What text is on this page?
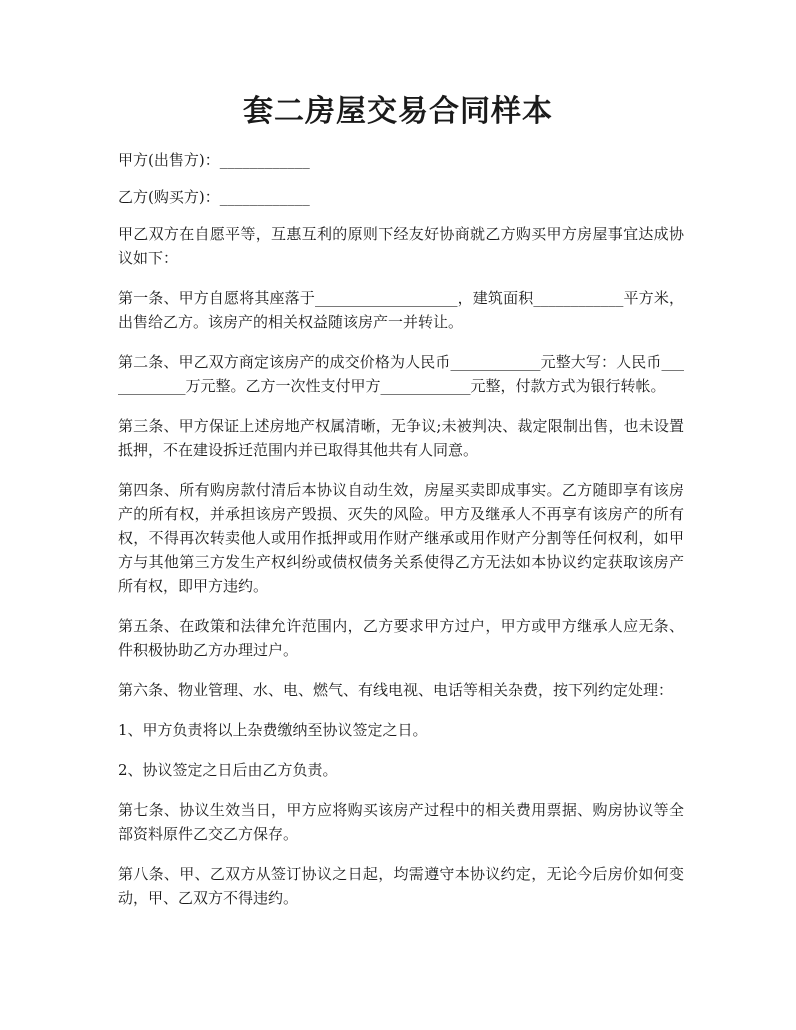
套二房屋交易合同样本

甲方(出售方)：____________

乙方(购买方)：____________

甲乙双方在自愿平等，互惠互利的原则下经友好协商就乙方购买甲方房屋事宜达成协议如下：

第一条、甲方自愿将其座落于___________________，建筑面积____________平方米，出售给乙方。该房产的相关权益随该房产一并转让。

第二条、甲乙双方商定该房产的成交价格为人民币____________元整大写：人民币____________万元整。乙方一次性支付甲方____________元整，付款方式为银行转帐。

第三条、甲方保证上述房地产权属清晰，无争议;未被判决、裁定限制出售，也未设置抵押，不在建设拆迁范围内并已取得其他共有人同意。

第四条、所有购房款付清后本协议自动生效，房屋买卖即成事实。乙方随即享有该房产的所有权，并承担该房产毁损、灭失的风险。甲方及继承人不再享有该房产的所有权，不得再次转卖他人或用作抵押或用作财产继承或用作财产分割等任何权利，如甲方与其他第三方发生产权纠纷或债权债务关系使得乙方无法如本协议约定获取该房产所有权，即甲方违约。

第五条、在政策和法律允许范围内，乙方要求甲方过户，甲方或甲方继承人应无条、件积极协助乙方办理过户。

第六条、物业管理、水、电、燃气、有线电视、电话等相关杂费，按下列约定处理：

1、甲方负责将以上杂费缴纳至协议签定之日。

2、协议签定之日后由乙方负责。

第七条、协议生效当日，甲方应将购买该房产过程中的相关费用票据、购房协议等全部资料原件乙交乙方保存。

第八条、甲、乙双方从签订协议之日起，均需遵守本协议约定，无论今后房价如何变动，甲、乙双方不得违约。
